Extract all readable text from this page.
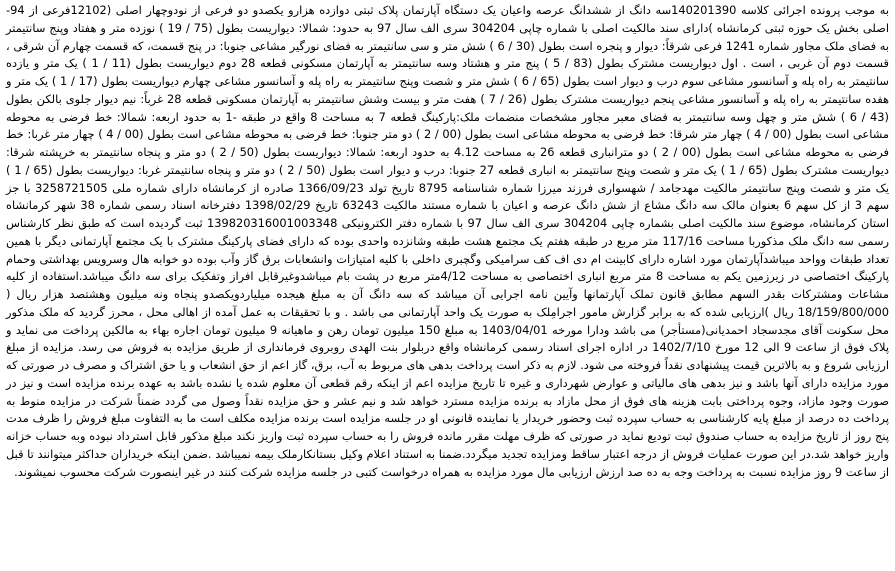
به موجب پرونده اجرائی کلاسه 140201390سه دانگ از ششدانگ عرصه واعیان یک دستگاه آپارتمان پلاک ثبتی دوازده هزارو یکصدو دو فرعی از نودوچهار اصلی (12102فرعی از 94-اصلی بخش یک حوزه ثبتی کرمانشاه )دارای سند مالکیت اصلی با شماره چاپی 304204 سری الف سال 97 به حدود: شمالا: دیواریست بطول (75 / 19 ) نوزده متر و هفتاد وپنج سانتیمتر به فضای ملک مجاور شماره 1241 فرعی شرقاً: دیوار و پنجره است بطول (30 / 6 ) شش متر و سی سانتیمتر به فضای نورگیر مشاعی جنوبا: در پنج قسمت، که قسمت چهارم آن شرقی ، قسمت دوم آن غربی ، است . اول دیواریست مشترک بطول (83 / 5 ) پنج متر و هشتاد وسه سانتیمتر به آپارتمان مسکونی قطعه 28 دوم دیواریست بطول (11 / 1 ) یک متر و یازده سانتیمتر به راه پله و آسانسور مشاعی سوم درب و دیوار است بطول (65 / 6 ) شش متر و شصت وپنج سانتیمتر به راه پله و آسانسور مشاعی چهارم دیواریست بطول (17 / 1 ) یک متر و هفده سانتیمتر به راه پله و آسانسور مشاعی پنجم دیواریست مشترک بطول (26 / 7 ) هفت متر و بیست وشش سانتیمتر به آپارتمان مسکونی قطعه 28 غرباً: نیم دیوار جلوی بالکن بطول (43 / 6 ) شش متر و چهل وسه سانتیمتر به فضای معبر مجاور مشخصات منضمات ملک:پارکینگ قطعه 7 به مساحت 8 واقع در طبقه -1 به حدود اربعه: شمالا: خط فرضی به محوطه مشاعی است بطول (00 / 4 ) چهار متر شرقا: خط فرضی به محوطه مشاعی است بطول (00 / 2 ) دو متر جنوبا: خط فرضی به محوطه مشاعی است بطول (00 / 4 ) چهار متر غربا: خط فرضی به محوطه مشاعی است بطول (00 / 2 ) دو مترانباری قطعه 26 به مساحت 4.12 به حدود اربعه: شمالا: دیواریست بطول (50 / 2 ) دو متر و پنجاه سانتیمتر به خرپشته شرقا: دیواریست مشترک بطول (65 / 1 ) یک متر و شصت وپنج سانتیمتر به انباری قطعه 27 جنوبا: درب و دیوار است بطول (50 / 2 ) دو متر و پنجاه سانتیمتر غربا: دیواریست بطول (65 / 1 ) یک متر و شصت وپنج سانتیمتر مالکیت مهدجامد / شهسواری فرزند میرزا شماره شناسنامه 8795 تاریخ تولد 1366/09/23 صادره از کرمانشاه دارای شماره ملی 3258721505 با جز سهم 3 از کل سهم 6 بعنوان مالک سه دانگ مشاع از شش دانگ عرصه و اعیان با شماره مستند مالکیت 63243 تاریخ 1398/02/29 دفترخانه اسناد رسمی شماره 38 شهر کرمانشاه استان کرمانشاه، موضوع سند مالکیت اصلی بشماره چاپی 304204 سری الف سال 97 با شماره دفتر الکترونیکی 139820316001003348 ثبت گردیده است که طبق نظر کارشناس رسمی سه دانگ ملک مذکوربا مساحت 117/16 متر مربع در طبقه هفتم یک مجتمع هشت طبقه وشانزده واحدی بوده که دارای فضای پارکینگ مشترک با یک مجتمع آپارتمانی دیگر با همین تعداد طبقات وواحد میباشدآپارتمان مورد اشاره دارای کابینت ام دی اف کف سرامیکی وگچبری داخلی با کلیه امتیازات وانشعابات برق گاز وآب بوده دو خوابه هال وسرویس بهداشتی وحمام پارکینگ اختصاصی در زیرزمین یکم به مساحت 8 متر مربع انباری اختصاصی به مساحت 4/12متر مربع در پشت بام میباشدوغیرقابل افراز وتفکیک برای سه دانگ میباشد.استفاده از کلیه مشاعات ومشترکات بقدر السهم مطابق قانون تملک آپارتمانها وآیین نامه اجرایی آن میباشد که سه دانگ آن به مبلغ هیجده میلیاردویکصدو پنجاه ونه میلیون وهشتصد هزار ریال ( 18/159/800/000 ریال )ارزیابی شده که به برابر گزارش مامور اجرامِلک به صورت یک واحد آپارتمانی می باشد . و با تحقیقات به عمل آمده از اهالی محل ، محرز گردید که ملک مذکور محل سکونت آقای مجدسجاد احمدیانی(مستأجر) می باشد ودارا مورخه 1403/04/01 به مبلغ 150 میلیون تومان رهن و ماهیانه 9 میلیون تومان اجاره بهاء به مالکین پرداخت می نماید و پلاک فوق از ساعت 9 الی 12 مورخ 1402/7/10 در اداره اجرای اسناد رسمی کرمانشاه واقع دربلوار بنت الهدی روبروی فرمانداری از طریق مزایده به فروش می رسد. مزایده از مبلغ ارزیابی شروع و به بالاترین قیمت پیشنهادی نقداً فروخته می شود. لازم به ذکر است پرداخت بدهی های مربوط به آب، برق، گاز اعم از حق انشعاب و یا حق اشتراک و مصرف در صورتی که مورد مزایده دارای آنها باشد و نیز بدهی های مالیاتی و عوارض شهرداری و غیره تا تاریخ مزایده اعم از اینکه رقم قطعی آن معلوم شده یا نشده باشد به عهده برنده مزایده است و نیز در صورت وجود مازاد، وجوه پرداختی بابت هزینه های فوق از محل مازاد به برنده مزایده مسترد خواهد شد و نیم عشر و حق مزایده نقداً وصول می گردد ضمناً شرکت در مزایده منوط به پرداخت ده درصد از مبلغ پایه کارشناسی به حساب سپرده ثبت وحضور خریدار یا نماینده قانونی او در جلسه مزایده است برنده مزایده مکلف است ما به التفاوت مبلغ فروش را ظرف مدت پنج روز از تاریخ مزایده به حساب صندوق ثبت تودیع نماید در صورتی که ظرف مهلت مقرر مانده فروش را به حساب سپرده ثبت واریز نکند مبلغ مذکور قابل استرداد نبوده وبه حساب خزانه واریز خواهد شد.در این صورت عملیات فروش از درجه اعتبار ساقط ومزایده تجدید میگردد.ضمنا به استناد اعلام وکیل بستانکارملک بیمه نمیباشد .ضمن اینکه خریداران حداکثر میتوانند تا قبل از ساعت 9 روز مزایده نسبت به پرداخت وجه به ده صد ارزش ارزیابی مال مورد مزایده به همراه درخواست کتبی در جلسه مزایده شرکت کنند در غیر اینصورت شرکت محسوب نمیشوند.
